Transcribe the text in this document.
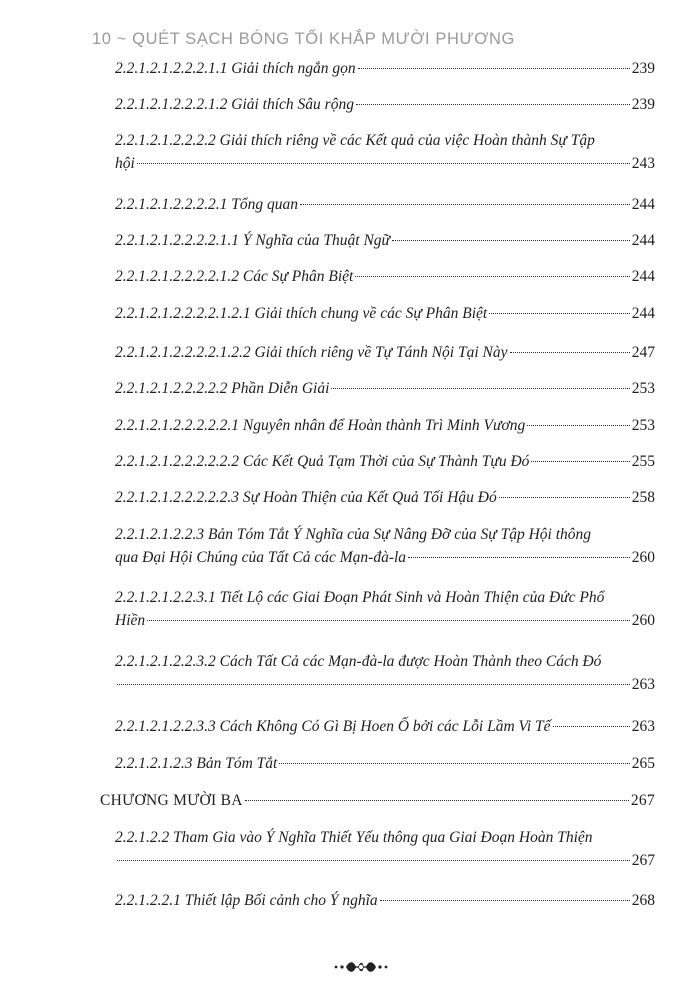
10 ~ QUÉT SẠCH BÓNG TỐI KHẮP MƯỜI PHƯƠNG
2.2.1.2.1.2.2.2.1.1 Giải thích ngắn gọn	239
2.2.1.2.1.2.2.2.1.2 Giải thích Sâu rộng	239
2.2.1.2.1.2.2.2.2 Giải thích riêng về các Kết quả của việc Hoàn thành Sự Tập
hội	243
2.2.1.2.1.2.2.2.2.1 Tổng quan	244
2.2.1.2.1.2.2.2.2.1.1 Ý Nghĩa của Thuật Ngữ	244
2.2.1.2.1.2.2.2.2.1.2 Các Sự Phân Biệt	244
2.2.1.2.1.2.2.2.2.1.2.1 Giải thích chung về các Sự Phân Biệt	244
2.2.1.2.1.2.2.2.2.1.2.2 Giải thích riêng về Tự Tánh Nội Tại Này	247
2.2.1.2.1.2.2.2.2.2 Phần Diễn Giải	253
2.2.1.2.1.2.2.2.2.2.1 Nguyên nhân để Hoàn thành Trì Minh Vương	253
2.2.1.2.1.2.2.2.2.2.2 Các Kết Quả Tạm Thời của Sự Thành Tựu Đó	255
2.2.1.2.1.2.2.2.2.2.3 Sự Hoàn Thiện của Kết Quả Tối Hậu Đó	258
2.2.1.2.1.2.2.3 Bản Tóm Tắt Ý Nghĩa của Sự Nâng Đỡ của Sự Tập Hội thông
qua Đại Hội Chúng của Tất Cả các Mạn-đà-la	260
2.2.1.2.1.2.2.3.1 Tiết Lộ các Giai Đoạn Phát Sinh và Hoàn Thiện của Đức Phổ
Hiền	260
2.2.1.2.1.2.2.3.2 Cách Tất Cả các Mạn-đà-la được Hoàn Thành theo Cách Đó
263
2.2.1.2.1.2.2.3.3 Cách Không Có Gì Bị Hoen Ố bởi các Lỗi Lầm Vi Tế	263
2.2.1.2.1.2.3 Bản Tóm Tắt	265
CHƯƠNG MƯỜI BA	267
2.2.1.2.2 Tham Gia vào Ý Nghĩa Thiết Yếu thông qua Giai Đoạn Hoàn Thiện
267
2.2.1.2.2.1 Thiết lập Bối cảnh cho Ý nghĩa	268
